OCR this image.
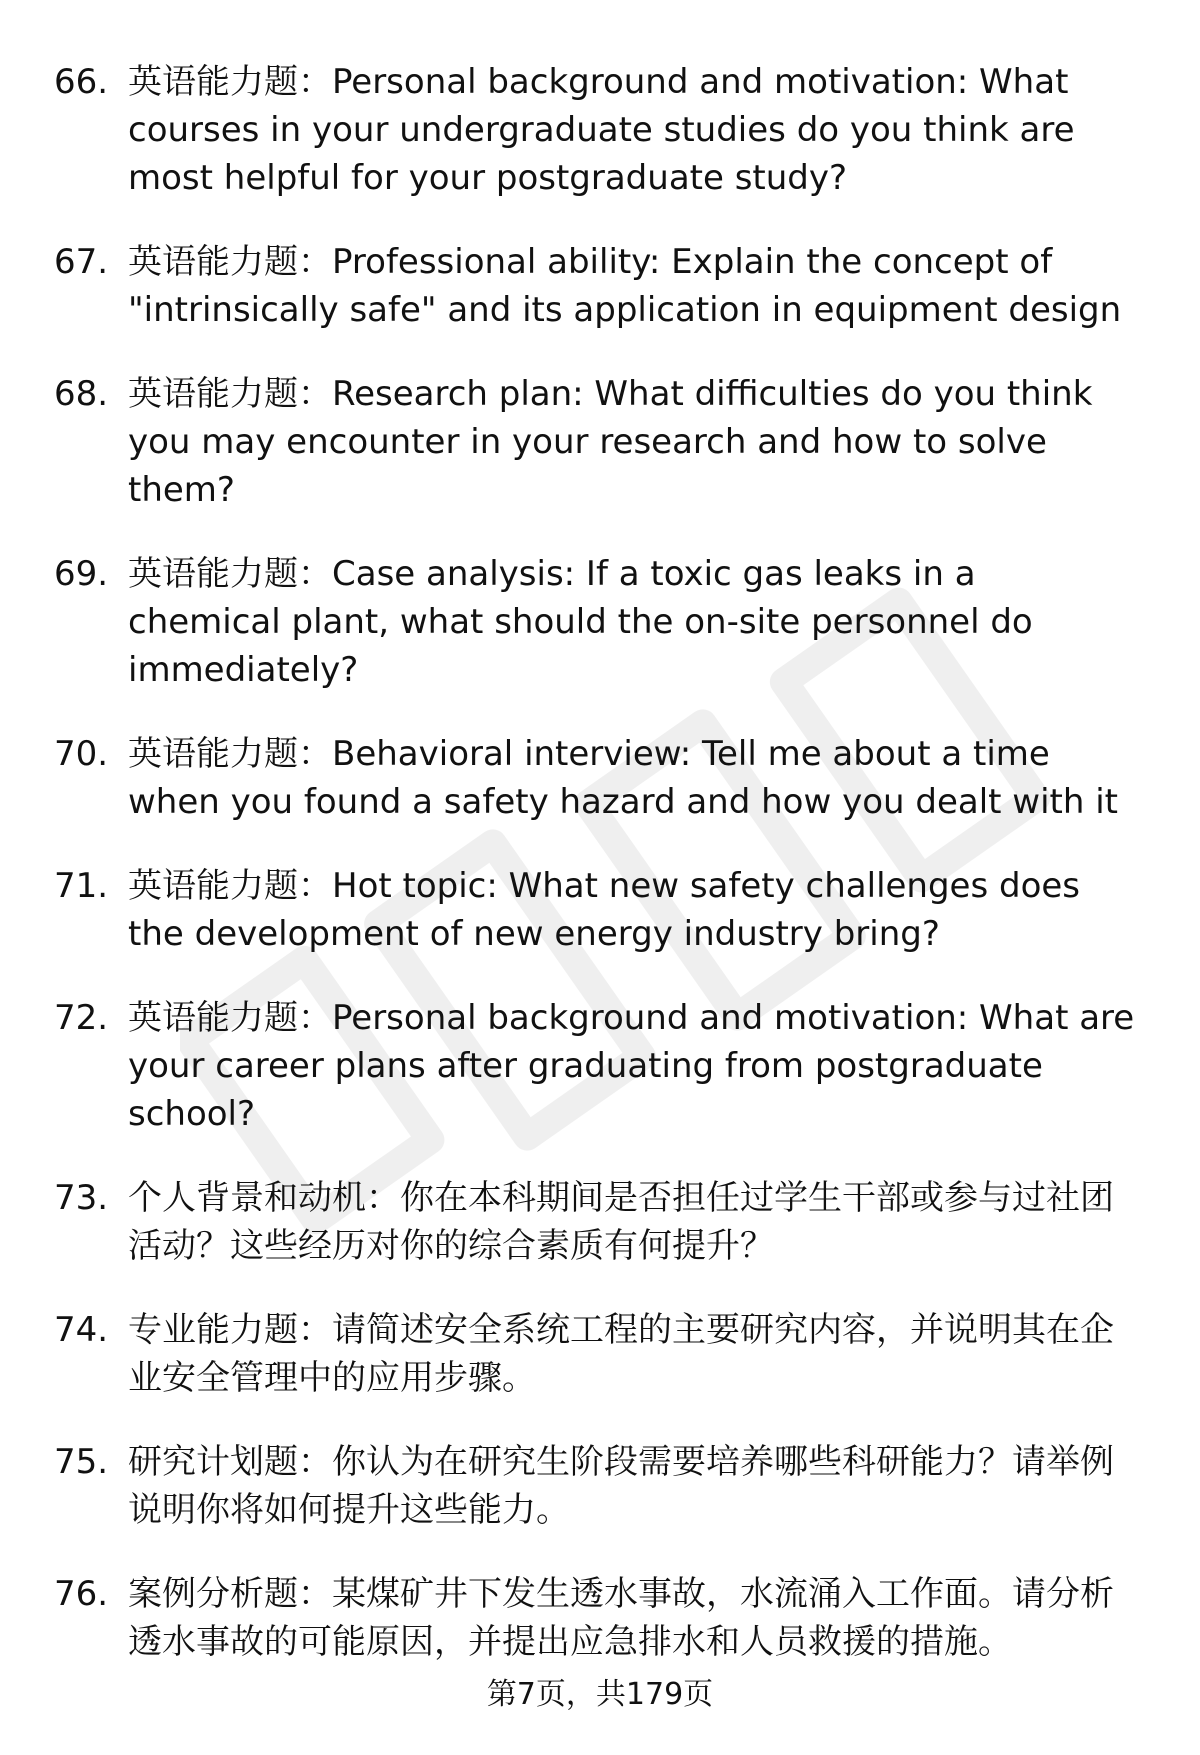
66. 英语能力题：Personal background and motivation: What courses in your undergraduate studies do you think are most helpful for your postgraduate study?
67. 英语能力题：Professional ability: Explain the concept of "intrinsically safe" and its application in equipment design
68. 英语能力题：Research plan: What difficulties do you think you may encounter in your research and how to solve them?
69. 英语能力题：Case analysis: If a toxic gas leaks in a chemical plant, what should the on-site personnel do immediately?
70. 英语能力题：Behavioral interview: Tell me about a time when you found a safety hazard and how you dealt with it
71. 英语能力题：Hot topic: What new safety challenges does the development of new energy industry bring?
72. 英语能力题：Personal background and motivation: What are your career plans after graduating from postgraduate school?
73. 个人背景和动机：你在本科期间是否担任过学生干部或参与过社团活动？这些经历对你的综合素质有何提升？
74. 专业能力题：请简述安全系统工程的主要研究内容，并说明其在企业安全管理中的应用步骤。
75. 研究计划题：你认为在研究生阶段需要培养哪些科研能力？请举例说明你将如何提升这些能力。
76. 案例分析题：某煤矿井下发生透水事故，水流涌入工作面。请分析透水事故的可能原因，并提出应急排水和人员救援的措施。
第7页，共179页
